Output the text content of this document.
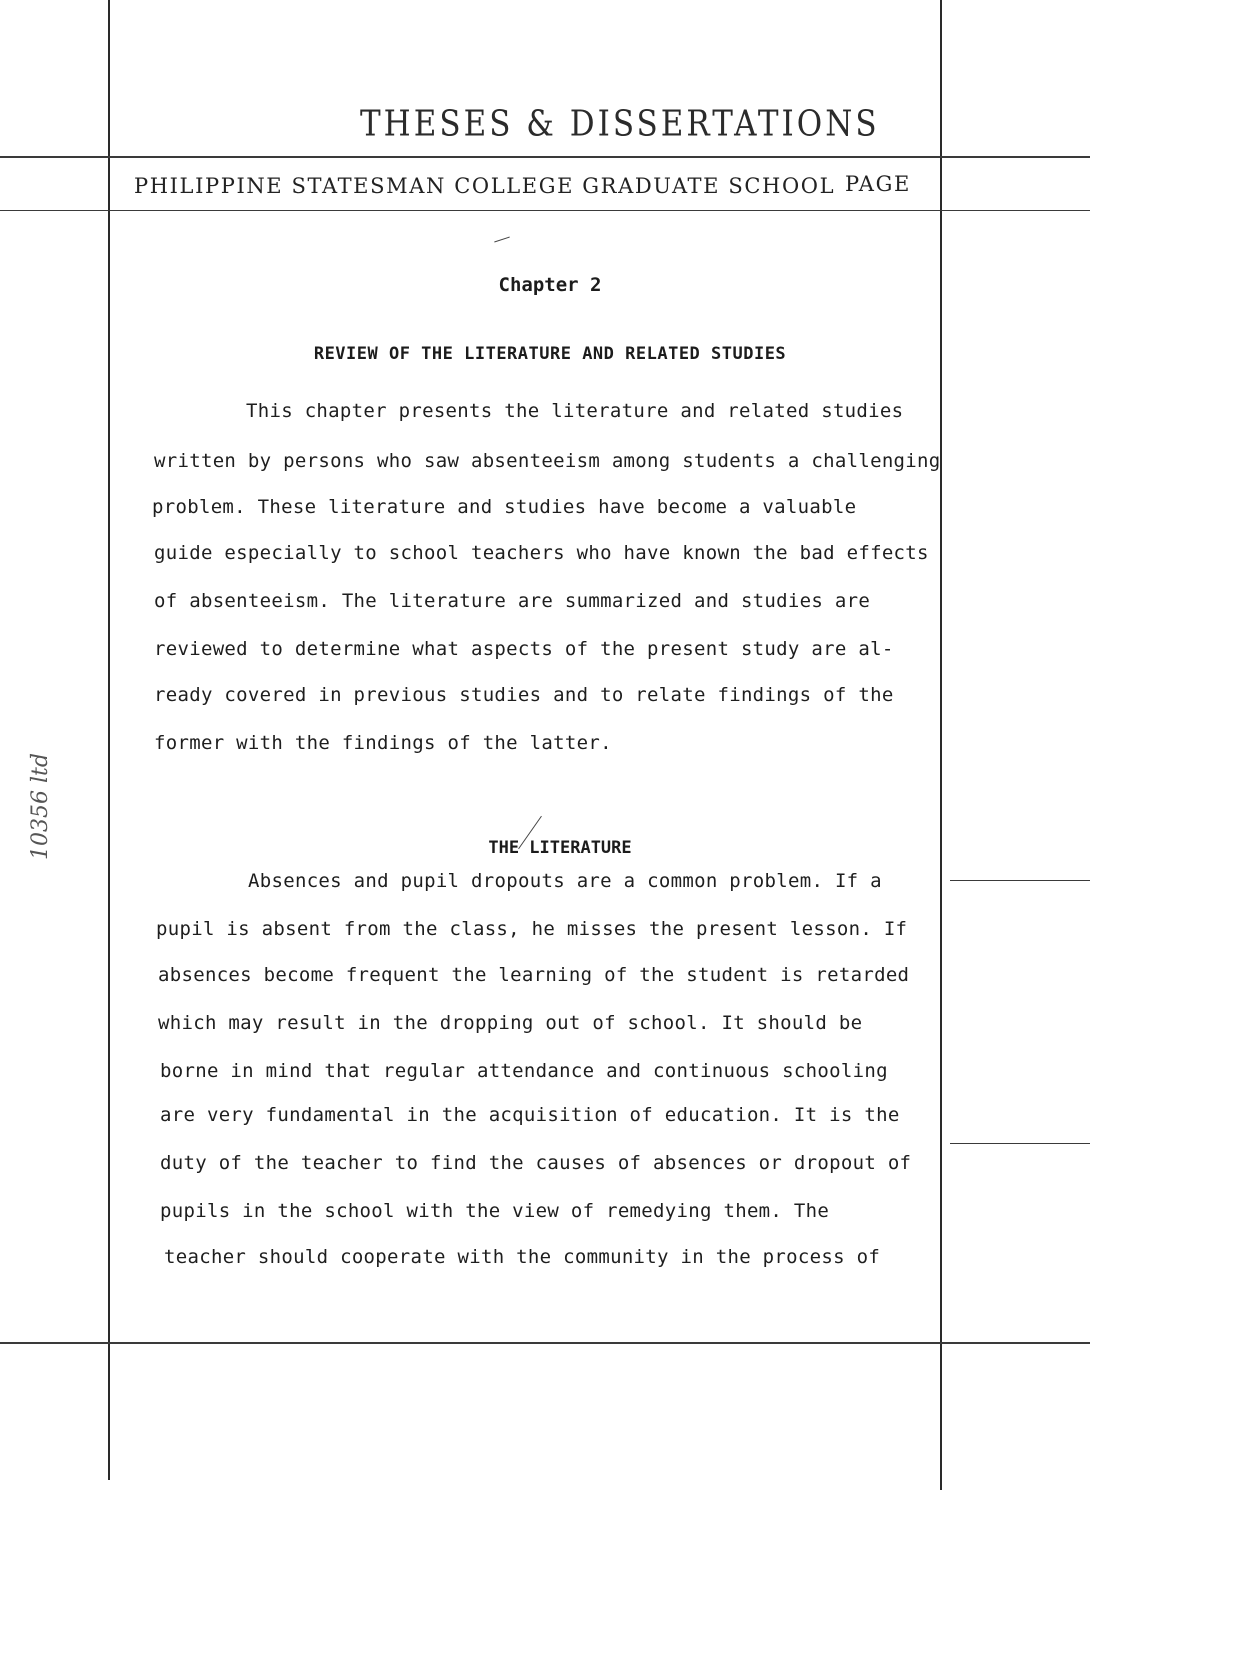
THESES & DISSERTATIONS
PHILIPPINE STATESMAN COLLEGE GRADUATE SCHOOL PAGE
Chapter 2
REVIEW OF THE LITERATURE AND RELATED STUDIES
This chapter presents the literature and related studies
written by persons who saw absenteeism among students a challenging
problem. These literature and studies have become a valuable
guide especially to school teachers who have known the bad effects
of absenteeism. The literature are summarized and studies are
reviewed to determine what aspects of the present study are al-
ready covered in previous studies and to relate findings of the
former with the findings of the latter.
THE LITERATURE
Absences and pupil dropouts are a common problem. If a
pupil is absent from the class, he misses the present lesson. If
absences become frequent the learning of the student is retarded
which may result in the dropping out of school. It should be
borne in mind that regular attendance and continuous schooling
are very fundamental in the acquisition of education. It is the
duty of the teacher to find the causes of absences or dropout of
pupils in the school with the view of remedying them. The
teacher should cooperate with the community in the process of
10356 ltd
